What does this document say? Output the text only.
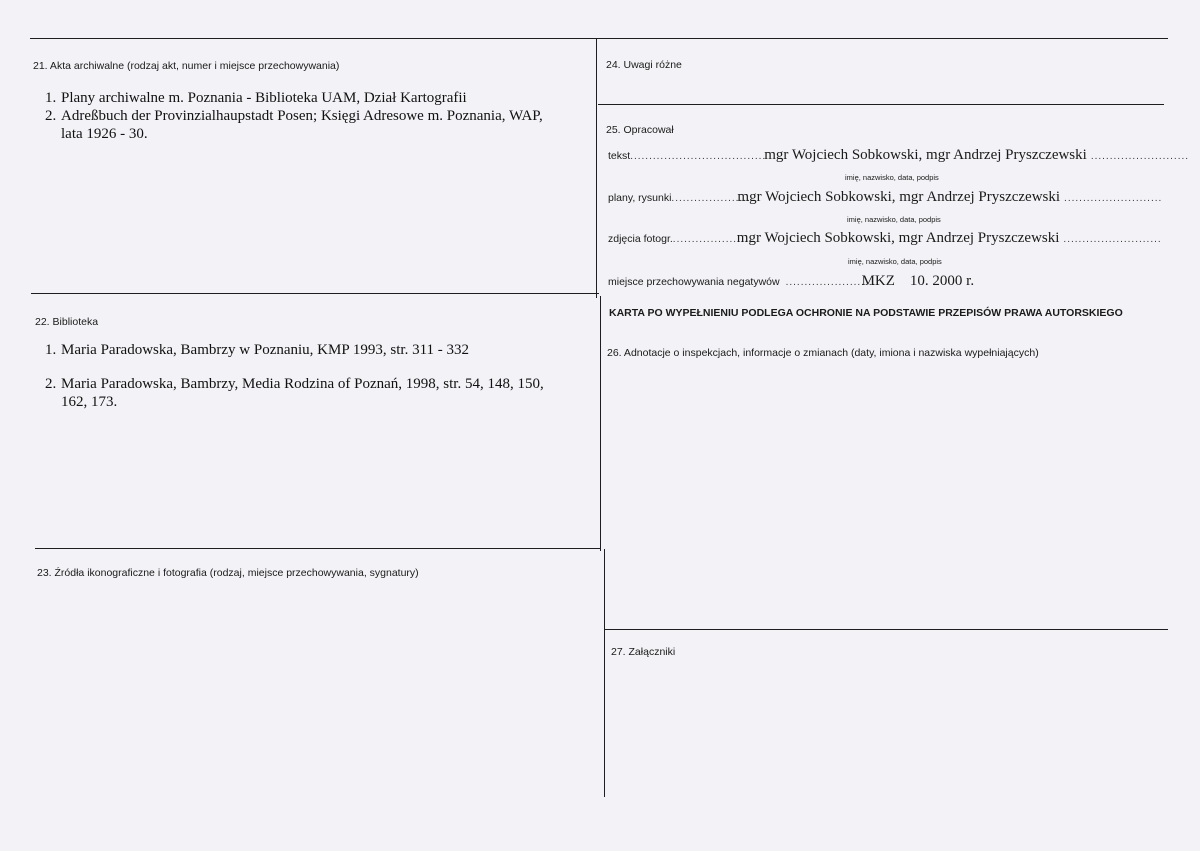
21. Akta archiwalne (rodzaj akt, numer i miejsce przechowywania)
1. Plany archiwalne m. Poznania - Biblioteka UAM, Dział Kartografii
2. Adreßbuch der Provinzialhaupstadt Posen; Księgi Adresowe m. Poznania, WAP, lata 1926 - 30.
22. Biblioteka
1. Maria Paradowska, Bambrzy w Poznaniu, KMP 1993, str. 311 - 332
2. Maria Paradowska, Bambrzy, Media Rodzina of Poznań, 1998, str. 54, 148, 150, 162, 173.
23. Źródła ikonograficzne i fotografia (rodzaj, miejsce przechowywania, sygnatury)
24. Uwagi różne
25. Opracował
tekst ....................................
mgr Wojciech Sobkowski, mgr Andrzej Pryszczewski ..........................
imię, nazwisko, data, podpis
plany, rysunki .....................
mgr Wojciech Sobkowski, mgr Andrzej Pryszczewski ..........................
imię, nazwisko, data, podpis
zdjęcia fotogr. .....................
mgr Wojciech Sobkowski, mgr Andrzej Pryszczewski ..........................
imię, nazwisko, data, podpis
miejsce przechowywania negatywów ........................
MKZ    10. 2000 r.
KARTA PO WYPEŁNIENIU PODLEGA OCHRONIE NA PODSTAWIE PRZEPISÓW PRAWA AUTORSKIEGO
26. Adnotacje o inspekcjach, informacje o zmianach (daty, imiona i nazwiska wypełniających)
27. Załączniki
